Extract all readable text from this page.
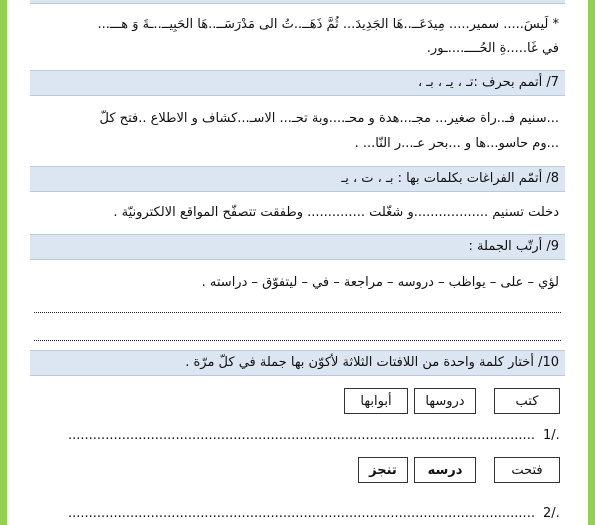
* لَيسَ..... سمير..... مِيدَعَــ..هَا الجَدِيدَ... ثُمَّ ذَهَــ..تُ الى مَدْرَسَــ..هَا الحَبِيــ..ـةَ وَ هـــ...
في غَا.....ةِ الحُــــ....ـور.
7/ أتمم بحرف :تـ ، يـ ، بـ ،
...سنيم فـ..راة صغير... مجـ...هدة و محـ....وبة تحـ... الاسـ...كشاف و الاطلاع ..فتح كلّ
...وم حاسو...ها و ...بحر عـ...ر النّا... .
8/ أتمّم الفراغات بكلمات بها : بـ ، ت ، يـ
دخلت تسنيم ..................و شغّلت .............. وطفقت تتصفّح المواقع الالكترونيّة .
9/ أرتّب الجملة :
لؤي – على – يواظب – دروسه – مراجعة – في – ليتفوّق – دراسته .
10/ أختار كلمة واحدة من اللافتات الثلاثة لأكوّن بها جملة في كلّ مرّة .
كتب
دروسها
أبوابها
................................................................................................................. 1/.
فتحت
درسه
تنجز
................................................................................................................. 2/.
